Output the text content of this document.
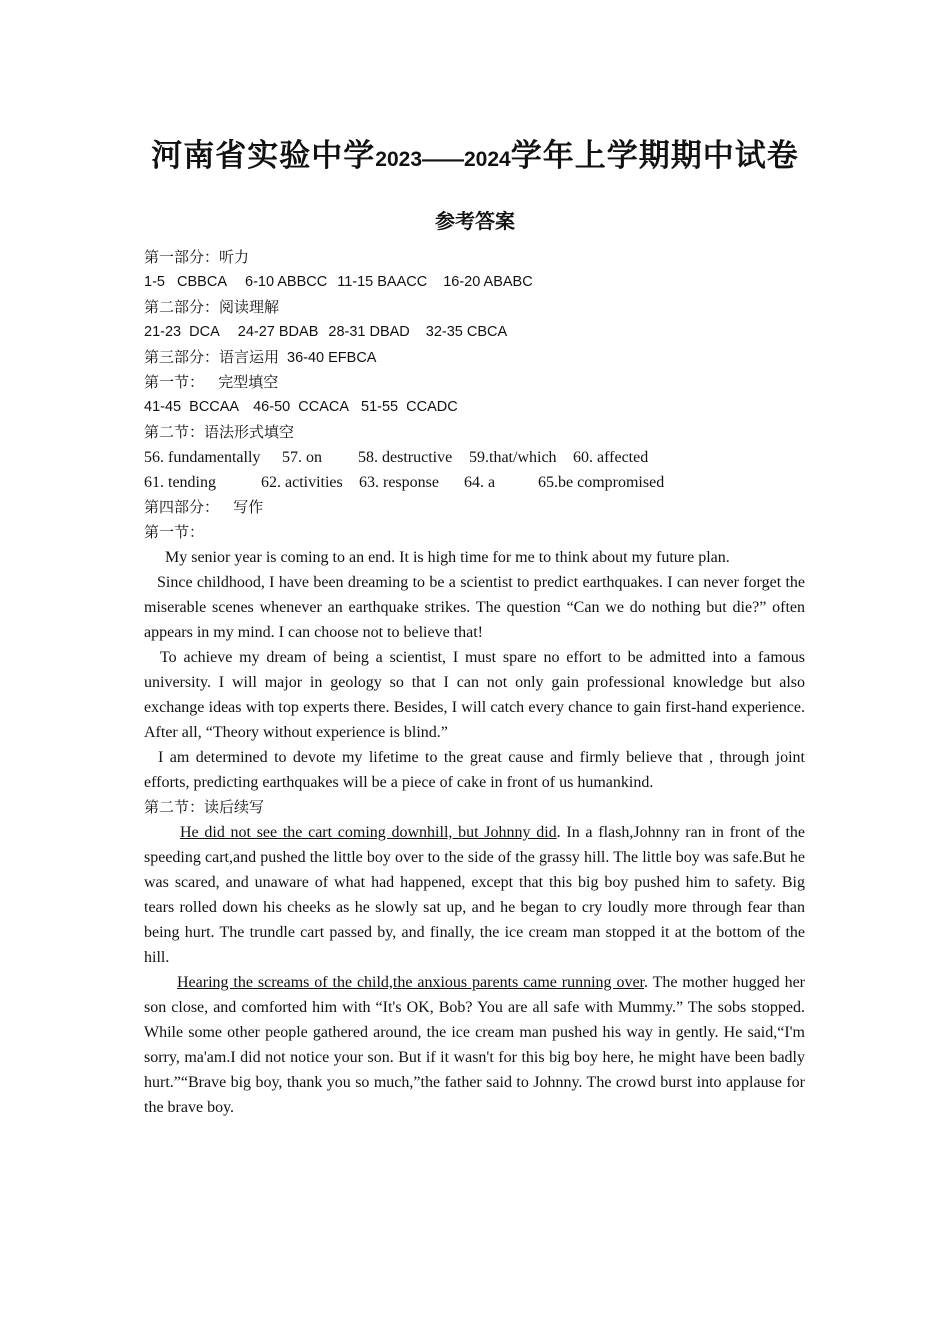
河南省实验中学2023——2024学年上学期期中试卷
参考答案
第一部分：听力
1-5   CBBCA 6-10 ABBCC 11-15 BAACC 16-20 ABABC
第二部分：阅读理解
21-23  DCA 24-27 BDAB 28-31 DBAD 32-35 CBCA
第三部分：语言运用 36-40 EFBCA
第一节：   完型填空
41-45  BCCAA 46-50  CCACA 51-55  CCADC
第二节：语法形式填空
56. fundamentally 57. on 58. destructive 59.that/which 60. affected
61. tending	62. activities 63. response 64. a	65.be compromised
第四部分：   写作
第一节：

My senior year is coming to an end. It is high time for me to think about my future plan.

Since childhood, I have been dreaming to be a scientist to predict earthquakes. I can never forget the miserable scenes whenever an earthquake strikes. The question “Can we do nothing but die?” often appears in my mind. I can choose not to believe that!

To achieve my dream of being a scientist, I must spare no effort to be admitted into a famous university. I will major in geology so that I can not only gain professional knowledge but also exchange ideas with top experts there. Besides, I will catch every chance to gain first-hand experience. After all, “Theory without experience is blind.”

I am determined to devote my lifetime to the great cause and firmly believe that , through joint efforts, predicting earthquakes will be a piece of cake in front of us humankind.

第二节：读后续写

He did not see the cart coming downhill, but Johnny did. In a flash,Johnny ran in front of the speeding cart,and pushed the little boy over to the side of the grassy hill. The little boy was safe.But he was scared, and unaware of what had happened, except that this big boy pushed him to safety. Big tears rolled down his cheeks as he slowly sat up, and he began to cry loudly more through fear than being hurt. The trundle cart passed by, and finally, the ice cream man stopped it at the bottom of the hill.

Hearing the screams of the child,the anxious parents came running over. The mother hugged her son close, and comforted him with “It's OK, Bob? You are all safe with Mummy.” The sobs stopped. While some other people gathered around, the ice cream man pushed his way in gently. He said,“I'm sorry, ma'am.I did not notice your son. But if it wasn't for this big boy here, he might have been badly hurt.”“Brave big boy, thank you so much,”the father said to Johnny. The crowd burst into applause for the brave boy.
